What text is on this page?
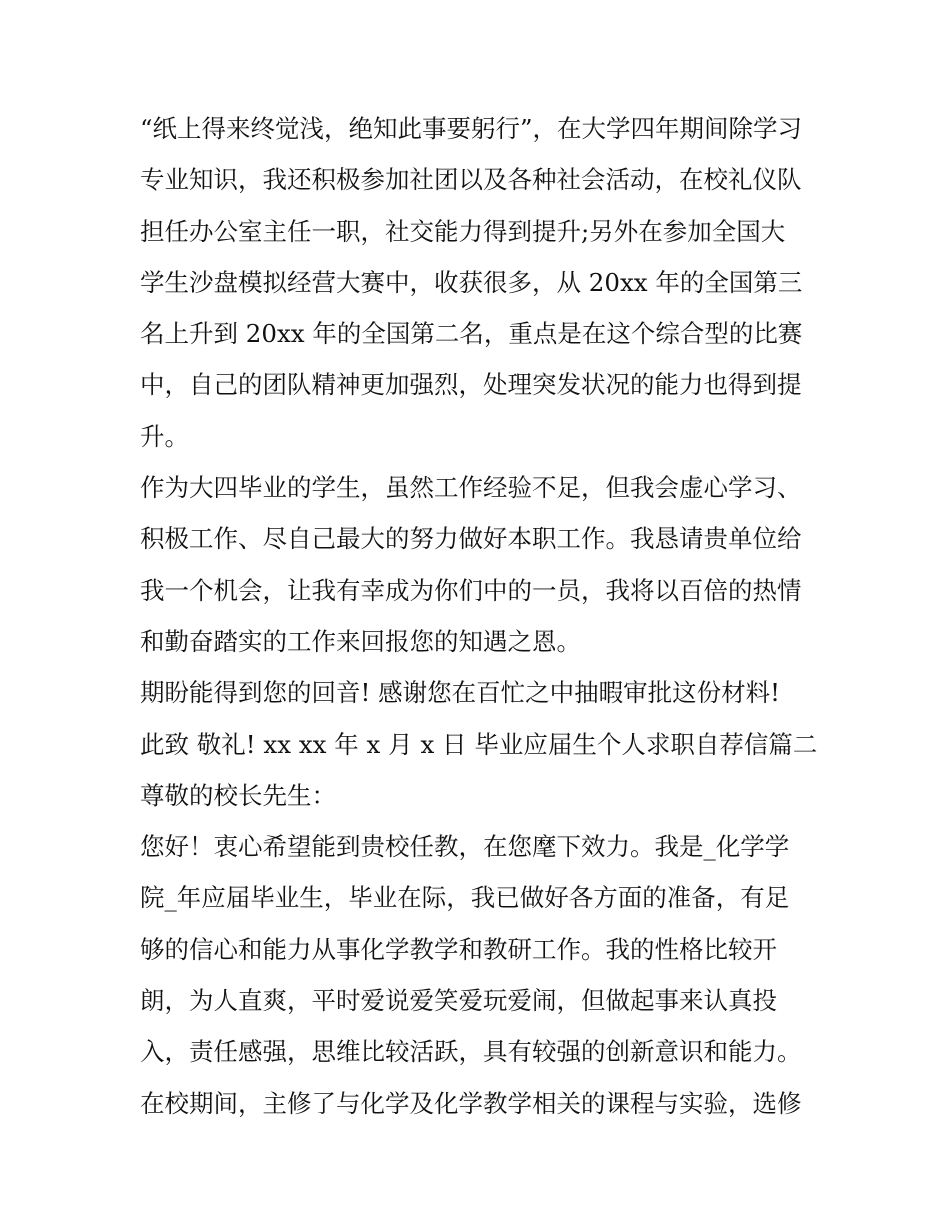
“纸上得来终觉浅，绝知此事要躬行”，在大学四年期间除学习
专业知识，我还积极参加社团以及各种社会活动，在校礼仪队
担任办公室主任一职，社交能力得到提升;另外在参加全国大
学生沙盘模拟经营大赛中，收获很多，从 20xx 年的全国第三
名上升到 20xx 年的全国第二名，重点是在这个综合型的比赛
中，自己的团队精神更加强烈，处理突发状况的能力也得到提
升。
作为大四毕业的学生，虽然工作经验不足，但我会虚心学习、
积极工作、尽自己最大的努力做好本职工作。我恳请贵单位给
我一个机会，让我有幸成为你们中的一员，我将以百倍的热情
和勤奋踏实的工作来回报您的知遇之恩。
期盼能得到您的回音! 感谢您在百忙之中抽暇审批这份材料!
此致 敬礼! xx xx 年 x 月 x 日 毕业应届生个人求职自荐信篇二
尊敬的校长先生：
您好！衷心希望能到贵校任教，在您麾下效力。我是_化学学
院_年应届毕业生，毕业在际，我已做好各方面的准备，有足
够的信心和能力从事化学教学和教研工作。我的性格比较开
朗，为人直爽，平时爱说爱笑爱玩爱闹，但做起事来认真投
入，责任感强，思维比较活跃，具有较强的创新意识和能力。
在校期间，主修了与化学及化学教学相关的课程与实验，选修
